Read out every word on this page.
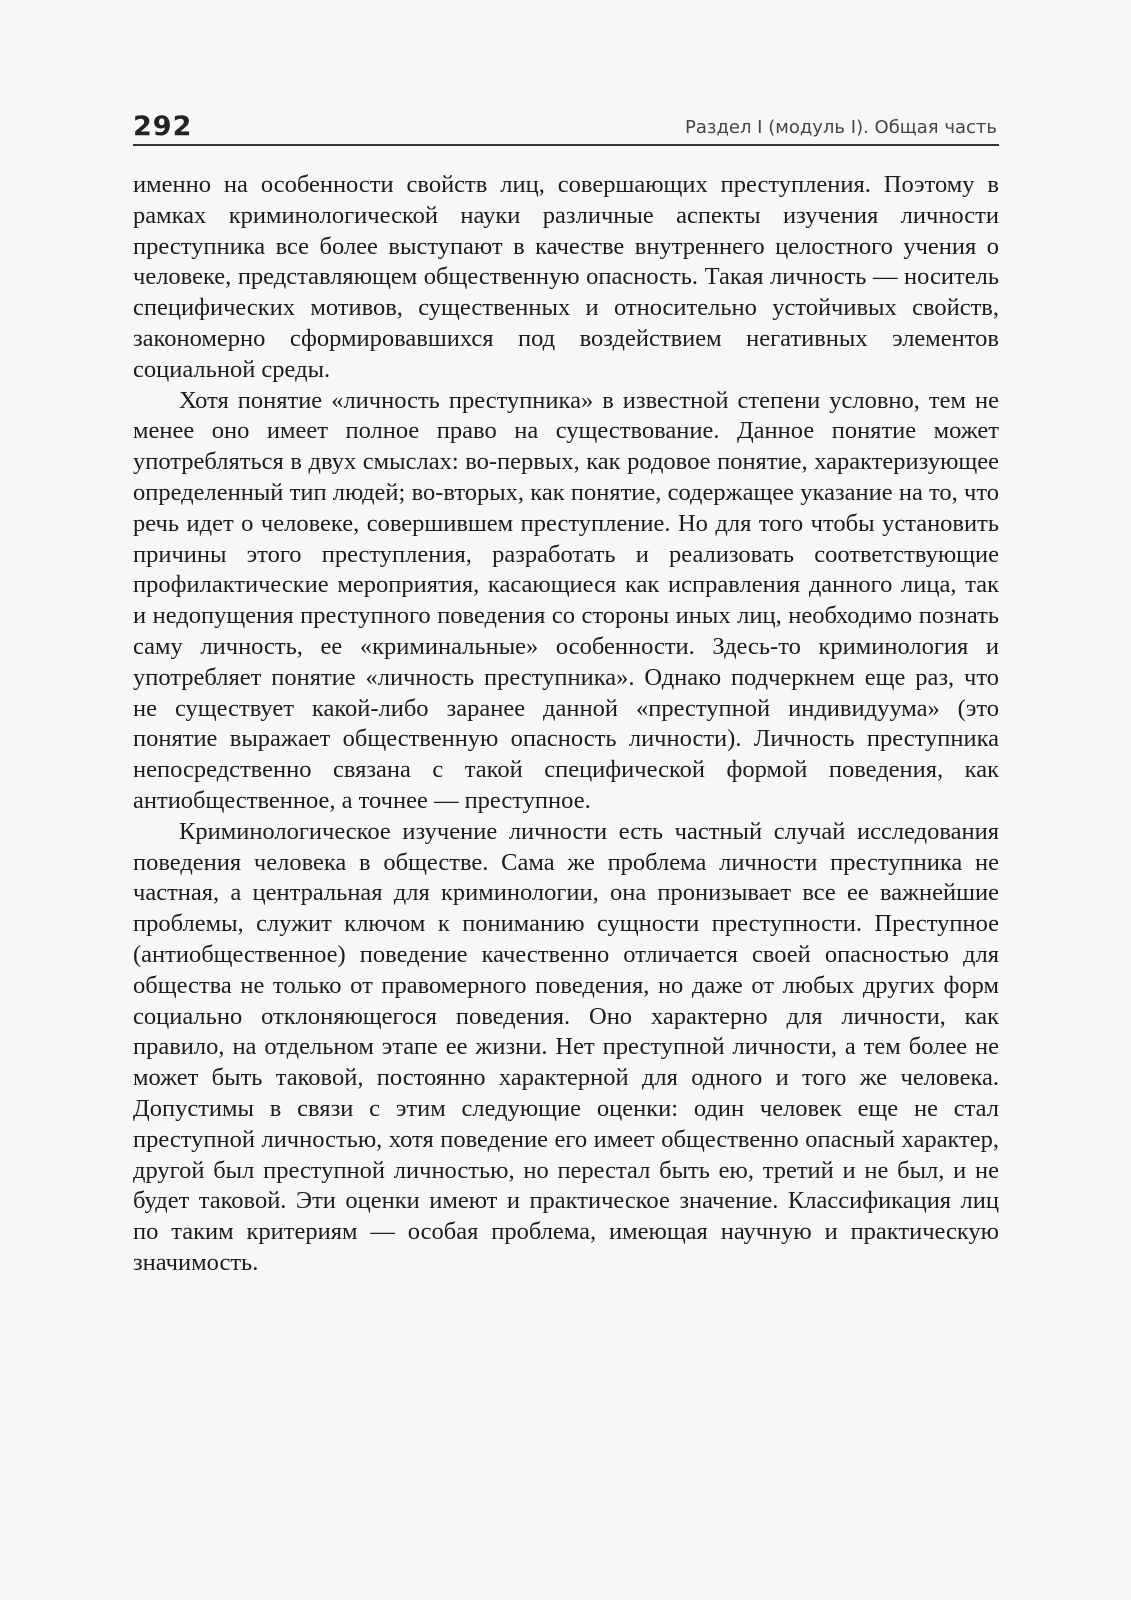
292	Раздел I (модуль I). Общая часть

именно на особенности свойств лиц, совершающих преступления. Поэтому в рамках криминологической науки различные аспекты изучения личности преступника все более выступают в качестве внутреннего целостного учения о человеке, представляющем общественную опасность. Такая личность — носитель специфических мотивов, существенных и относительно устойчивых свойств, закономерно сформировавшихся под воздействием негативных элементов социальной среды.

Хотя понятие «личность преступника» в известной степени условно, тем не менее оно имеет полное право на существование. Данное понятие может употребляться в двух смыслах: во-первых, как родовое понятие, характеризующее определенный тип людей; во-вторых, как понятие, содержащее указание на то, что речь идет о человеке, совершившем преступление. Но для того чтобы установить причины этого преступления, разработать и реализовать соответствующие профилактические мероприятия, касающиеся как исправления данного лица, так и недопущения преступного поведения со стороны иных лиц, необходимо познать саму личность, ее «криминальные» особенности. Здесь-то криминология и употребляет понятие «личность преступника». Однако подчеркнем еще раз, что не существует какой-либо заранее данной «преступной индивидуума» (это понятие выражает общественную опасность личности). Личность преступника непосредственно связана с такой специфической формой поведения, как антиобщественное, а точнее — преступное.

Криминологическое изучение личности есть частный случай исследования поведения человека в обществе. Сама же проблема личности преступника не частная, а центральная для криминологии, она пронизывает все ее важнейшие проблемы, служит ключом к пониманию сущности преступности. Преступное (антиобщественное) поведение качественно отличается своей опасностью для общества не только от правомерного поведения, но даже от любых других форм социально отклоняющегося поведения. Оно характерно для личности, как правило, на отдельном этапе ее жизни. Нет преступной личности, а тем более не может быть таковой, постоянно характерной для одного и того же человека. Допустимы в связи с этим следующие оценки: один человек еще не стал преступной личностью, хотя поведение его имеет общественно опасный характер, другой был преступной личностью, но перестал быть ею, третий и не был, и не будет таковой. Эти оценки имеют и практическое значение. Классификация лиц по таким критериям — особая проблема, имеющая научную и практическую значимость.
